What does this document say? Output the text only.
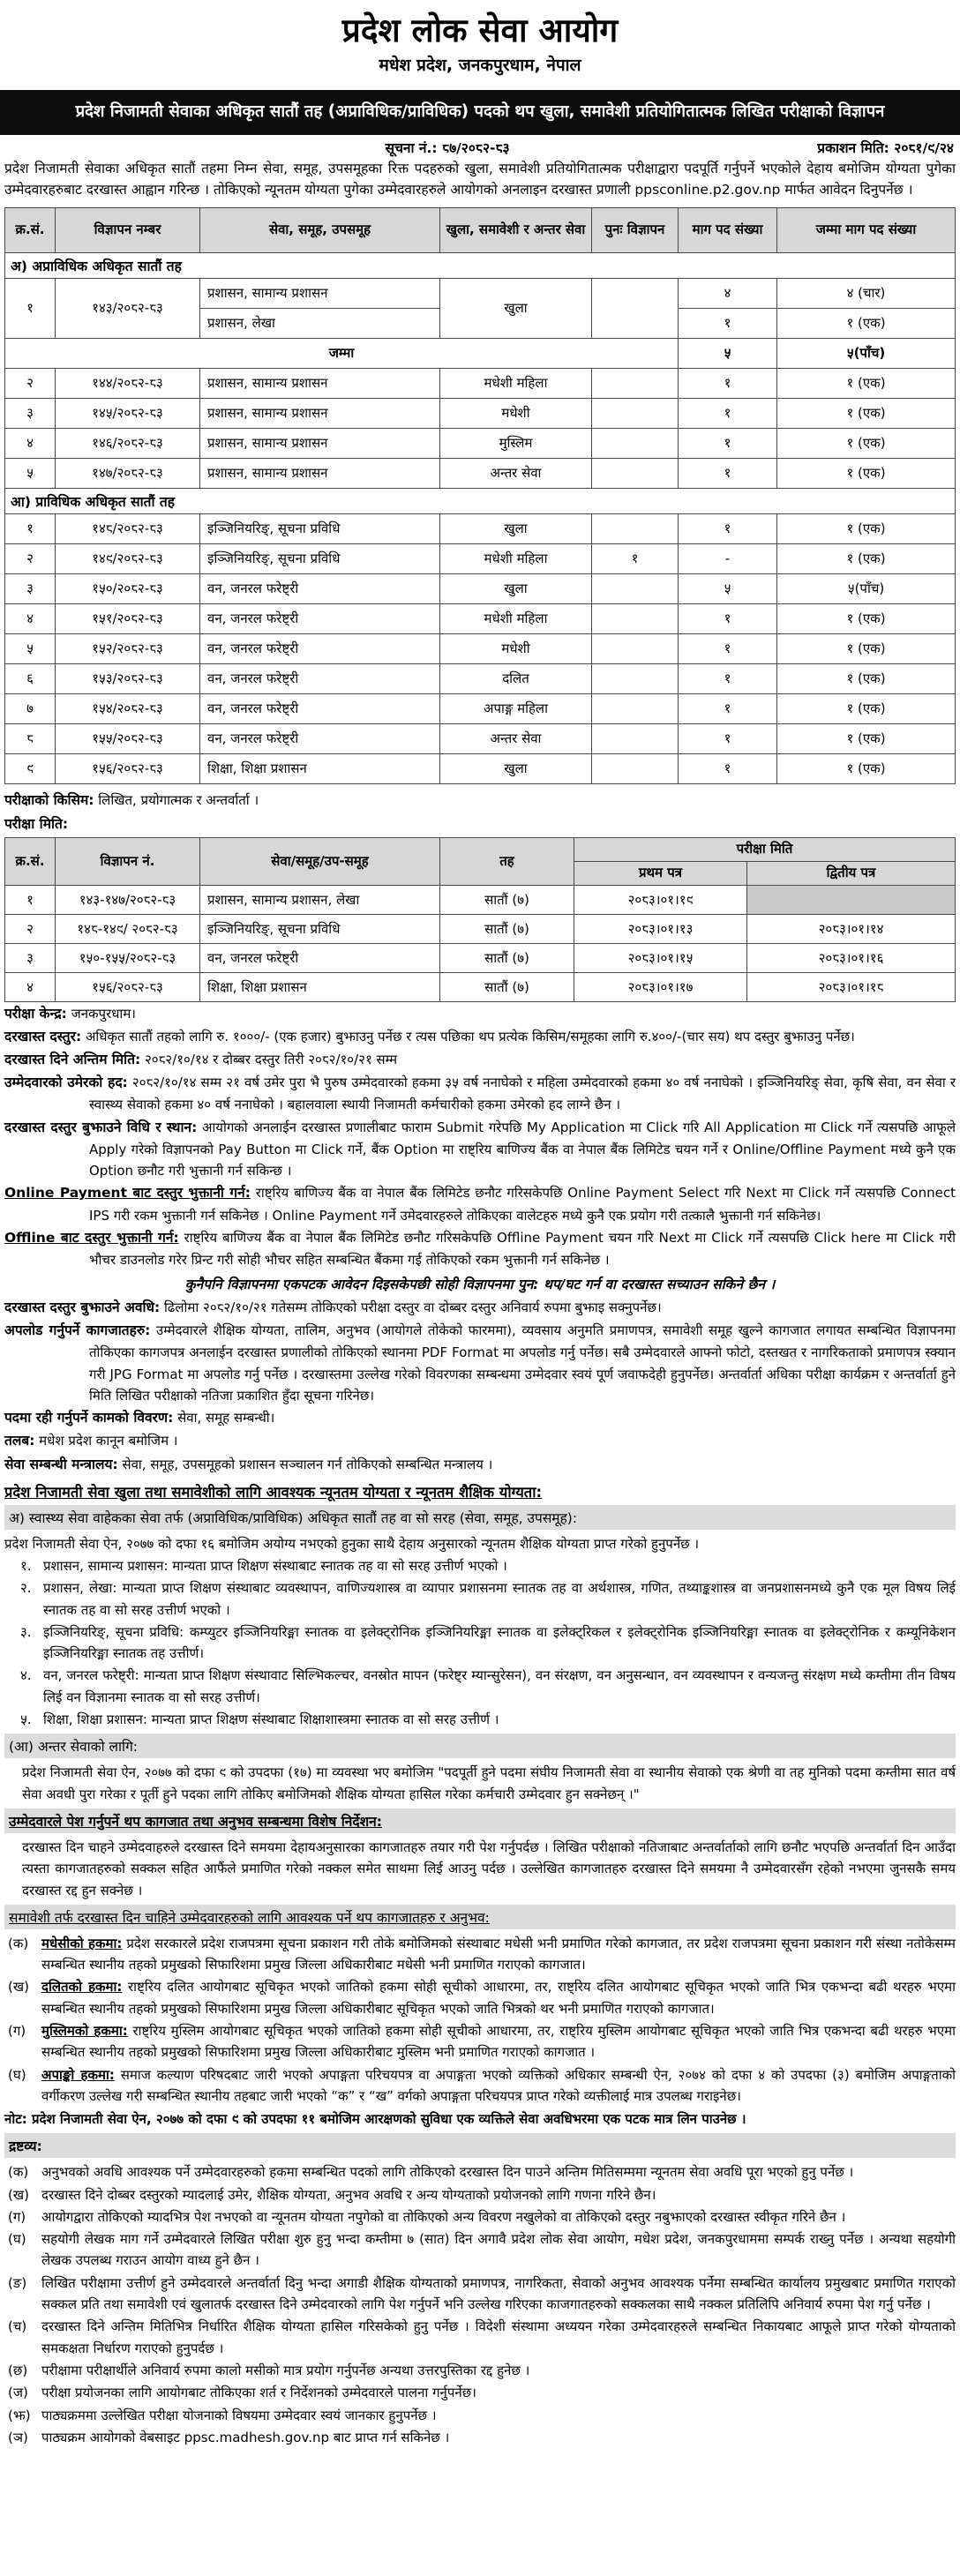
प्रदेश लोक सेवा आयोग
मधेश प्रदेश, जनकपुरधाम, नेपाल
प्रदेश निजामती सेवाका अधिकृत सातौं तह (अप्राविधिक/प्राविधिक) पदको थप खुला, समावेशी प्रतियोगितात्मक लिखित परीक्षाको विज्ञापन
सूचना नं.: ८७/२०८२-८३	प्रकाशन मिति: २०८१/९/२४
प्रदेश निजामती सेवाका अधिकृत सातौं तहमा निम्न सेवा, समूह, उपसमूहका रिक्त पदहरुको खुला, समावेशी प्रतियोगितात्मक परीक्षाद्वारा पदपूर्ति गर्नुपर्ने भएकोले देहाय बमोजिम योग्यता पुगेका उम्मेदवारहरुबाट दरखास्त आह्वान गरिन्छ । तोकिएको न्यूनतम योग्यता पुगेका उम्मेदवारहरुले आयोगको अनलाइन दरखास्त प्रणाली ppsconline.p2.gov.np मार्फत आवेदन दिनुपर्नेछ ।
क्र.सं.	विज्ञापन नम्बर	सेवा, समूह, उपसमूह	खुला, समावेशी र अन्तर सेवा	पुनः विज्ञापन	माग पद संख्या	जम्मा माग पद संख्या
अ) अप्राविधिक अधिकृत सातौं तह						
१	१४३/२०८२-८३	प्रशासन, सामान्य प्रशासन	खुला		४	४ (चार)
		प्रशासन, लेखा			१	१ (एक)
जम्मा					५	५(पाँच)
२	१४४/२०८२-८३	प्रशासन, सामान्य प्रशासन	मधेशी महिला		१	१ (एक)
३	१४५/२०८२-८३	प्रशासन, सामान्य प्रशासन	मधेशी		१	१ (एक)
४	१४६/२०८२-८३	प्रशासन, सामान्य प्रशासन	मुस्लिम		१	१ (एक)
५	१४७/२०८२-८३	प्रशासन, सामान्य प्रशासन	अन्तर सेवा		१	१ (एक)
आ) प्राविधिक अधिकृत सातौं तह						
१	१४८/२०८२-८३	इञ्जिनियरिङ्, सूचना प्रविधि	खुला		१	१ (एक)
२	१४९/२०८२-८३	इञ्जिनियरिङ्, सूचना प्रविधि	मधेशी महिला	१	-	१ (एक)
३	१५०/२०८२-८३	वन, जनरल फरेष्ट्री	खुला		५	५(पाँच)
४	१५१/२०८२-८३	वन, जनरल फरेष्ट्री	मधेशी महिला		१	१ (एक)
५	१५२/२०८२-८३	वन, जनरल फरेष्ट्री	मधेशी		१	१ (एक)
६	१५३/२०८२-८३	वन, जनरल फरेष्ट्री	दलित		१	१ (एक)
७	१५४/२०८२-८३	वन, जनरल फरेष्ट्री	अपाङ्ग महिला		१	१ (एक)
८	१५५/२०८२-८३	वन, जनरल फरेष्ट्री	अन्तर सेवा		१	१ (एक)
९	१५६/२०८२-८३	शिक्षा, शिक्षा प्रशासन	खुला		१	१ (एक)
परीक्षाको किसिम: लिखित, प्रयोगात्मक र अन्तर्वार्ता ।
परीक्षा मिति:
क्र.सं.	विज्ञापन नं.	सेवा/समूह/उप-समूह	तह	परीक्षा मिति	
				प्रथम पत्र	द्वितीय पत्र
१	१४३-१४७/२०८२-८३	प्रशासन, सामान्य प्रशासन, लेखा	सातौं (७)	२०८३।०१।१९	
२	१४८-१४९/ २०८२-८३	इञ्जिनियरिङ्, सूचना प्रविधि	सातौं (७)	२०८३।०१।१३	२०८३।०१।१४
३	१५०-१५५/२०८२-८३	वन, जनरल फरेष्ट्री	सातौं (७)	२०८३।०१।१५	२०८३।०१।१६
४	१५६/२०८२-८३	शिक्षा, शिक्षा प्रशासन	सातौं (७)	२०८३।०१।१७	२०८३।०१।१८
परीक्षा केन्द्र: जनकपुरधाम।
दरखास्त दस्तुर: अधिकृत सातौं तहको लागि रु. १०००/- (एक हजार) बुझाउनु पर्नेछ र त्यस पछिका थप प्रत्येक किसिम/समूहका लागि रु.४००/-(चार सय) थप दस्तुर बुझाउनु पर्नेछ।
दरखास्त दिने अन्तिम मिति: २०८२/१०/१४ र दोब्बर दस्तुर तिरी २०८२/१०/२१ सम्म
उम्मेदवारको उमेरको हद: २०८२/१०/१४ सम्म २१ वर्ष उमेर पुरा भै पुरुष उम्मेदवारको हकमा ३५ वर्ष ननाघेको र महिला उम्मेदवारको हकमा ४० वर्ष ननाघेको । इञ्जिनियरिङ् सेवा, कृषि सेवा, वन सेवा र स्वास्थ्य सेवाको हकमा ४० वर्ष ननाघेको । बहालवाला स्थायी निजामती कर्मचारीको हकमा उमेरको हद लाग्ने छैन ।
दरखास्त दस्तुर बुझाउने विधि र स्थान: आयोगको अनलाईन दरखास्त प्रणालीबाट फाराम Submit गरेपछि My Application मा Click गरि All Application मा Click गर्ने त्यसपछि आफूले Apply गरेको विज्ञापनको Pay Button मा Click गर्ने, बैंक Option मा राष्ट्रिय बाणिज्य बैंक वा नेपाल बैंक लिमिटेड चयन गर्ने र Online/Offline Payment मध्ये कुनै एक Option छनौट गरी भुक्तानी गर्न सकिन्छ ।
Online Payment बाट दस्तुर भुक्तानी गर्न: राष्ट्रिय बाणिज्य बैंक वा नेपाल बैंक लिमिटेड छनौट गरिसकेपछि Online Payment Select गरि Next मा Click गर्ने त्यसपछि Connect IPS गरी रकम भुक्तानी गर्न सकिनेछ । Online Payment गर्ने उमेदवारहरुले तोकिएका वालेटहरु मध्ये कुनै एक प्रयोग गरी तत्कालै भुक्तानी गर्न सकिनेछ।
Offline बाट दस्तुर भुक्तानी गर्न: राष्ट्रिय बाणिज्य बैंक वा नेपाल बैंक लिमिटेड छनौट गरिसकेपछि Offline Payment चयन गरि Next मा Click गर्ने त्यसपछि Click here मा Click गरी भौचर डाउनलोड गरेर प्रिन्ट गरी सोही भौचर सहित सम्बन्धित बैंकमा गई तोकिएको रकम भुक्तानी गर्न सकिनेछ ।
कुनैपनि विज्ञापनमा एकपटक आवेदन दिइसकेपछी सोही विज्ञापनमा पुन: थप/घट गर्न वा दरखास्त सच्याउन सकिने छैन ।
दरखास्त दस्तुर बुझाउने अवधि: ढिलोमा २०८२/१०/२१ गतेसम्म तोकिएको परीक्षा दस्तुर वा दोब्बर दस्तुर अनिवार्य रुपमा बुझाइ सक्नुपर्नेछ।
अपलोड गर्नुपर्ने कागजातहरु: उम्मेदवारले शैक्षिक योग्यता, तालिम, अनुभव (आयोगले तोकेको फारममा), व्यवसाय अनुमति प्रमाणपत्र, समावेशी समूह खुल्ने कागजात लगायत सम्बन्धित विज्ञापनमा तोकिएका कागजपत्र अनलाईन दरखास्त प्रणालीको तोकिएको स्थानमा PDF Format मा अपलोड गर्नु पर्नेछ। सबै उम्मेदवारले आफ्नो फोटो, दस्तखत र नागरिकताको प्रमाणपत्र स्क्यान गरी JPG Format मा अपलोड गर्नु पर्नेछ । दरखास्तमा उल्लेख गरेको विवरणका सम्बन्धमा उम्मेदवार स्वयं पूर्ण जवाफदेही हुनुपर्नेछ। अन्तर्वार्ता अधिका परीक्षा कार्यक्रम र अन्तर्वार्ता हुने मिति लिखित परीक्षाको नतिजा प्रकाशित हुँदा सूचना गरिनेछ।
पदमा रही गर्नुपर्ने कामको विवरण: सेवा, समूह सम्बन्धी।
तलब: मधेश प्रदेश कानून बमोजिम ।
सेवा सम्बन्धी मन्त्रालय: सेवा, समूह, उपसमूहको प्रशासन सञ्चालन गर्न तोकिएको सम्बन्धित मन्त्रालय ।
प्रदेश निजामती सेवा खुला तथा समावेशीको लागि आवश्यक न्यूनतम योग्यता र न्यूनतम शैक्षिक योग्यता:
अ) स्वास्थ्य सेवा वाहेकका सेवा तर्फ (अप्राविधिक/प्राविधिक) अधिकृत सातौं तह वा सो सरह (सेवा, समूह, उपसमूह):
प्रदेश निजामती सेवा ऐन, २०७७ को दफा १६ बमोजिम अयोग्य नभएको हुनुका साथै देहाय अनुसारको न्यूनतम शैक्षिक योग्यता प्राप्त गरेको हुनुपर्नेछ ।
१. प्रशासन, सामान्य प्रशासन: मान्यता प्राप्त शिक्षण संस्थाबाट स्नातक तह वा सो सरह उत्तीर्ण भएको ।
२. प्रशासन, लेखा: मान्यता प्राप्त शिक्षण संस्थाबाट व्यवस्थापन, वाणिज्यशास्त्र वा व्यापार प्रशासनमा स्नातक तह वा अर्थशास्त्र, गणित, तथ्याङ्कशास्त्र वा जनप्रशासनमध्ये कुनै एक मूल विषय लिई स्नातक तह वा सो सरह उत्तीर्ण भएको ।
३. इञ्जिनियरिङ्, सूचना प्रविधि: कम्प्युटर इञ्जिनियरिङ्मा स्नातक वा इलेक्ट्रोनिक इञ्जिनियरिङ्मा स्नातक वा इलेक्ट्रिकल र इलेक्ट्रोनिक इञ्जिनियरिङ्मा स्नातक वा इलेक्ट्रोनिक र कम्यूनिकेशन इञ्जिनियरिङ्मा स्नातक तह उत्तीर्ण।
४. वन, जनरल फरेष्ट्री: मान्यता प्राप्त शिक्षण संस्थावाट सिल्भिकल्चर, वनस्रोत मापन (फरेष्ट्र म्यान्सुरेसन), वन संरक्षण, वन अनुसन्धान, वन व्यवस्थापन र वन्यजन्तु संरक्षण मध्ये कम्तीमा तीन विषय लिई वन विज्ञानमा स्नातक वा सो सरह उत्तीर्ण।
५. शिक्षा, शिक्षा प्रशासन: मान्यता प्राप्त शिक्षण संस्थाबाट शिक्षाशास्त्रमा स्नातक वा सो सरह उत्तीर्ण ।
(आ) अन्तर सेवाको लागि:
प्रदेश निजामती सेवा ऐन, २०७७ को दफा ९ को उपदफा (१७) मा व्यवस्था भए बमोजिम "पदपूर्ती हुने पदमा संघीय निजामती सेवा वा स्थानीय सेवाको एक श्रेणी वा तह मुनिको पदमा कम्तीमा सात वर्ष सेवा अवधी पुरा गरेका र पूर्ती हुने पदका लागि तोकिए बमोजिमको शैक्षिक योग्यता हासिल गरेका कर्मचारी उम्मेदवार हुन सक्नेछन् ।"
उम्मेदवारले पेश गर्नुपर्ने थप कागजात तथा अनुभव सम्बन्धमा विशेष निर्देशन:
दरखास्त दिन चाहने उम्मेदवाहरुले दरखास्त दिने समयमा देहायअनुसारका कागजातहरु तयार गरी पेश गर्नुपर्दछ । लिखित परीक्षाको नतिजाबाट अन्तर्वार्ताको लागि छनौट भएपछि अन्तर्वार्ता दिन आउँदा त्यस्ता कागजातहरुको सक्कल सहित आफैंले प्रमाणित गरेको नक्कल समेत साथमा लिई आउनु पर्दछ । उल्लेखित कागजातहरु दरखास्त दिने समयमा नै उम्मेदवारसँग रहेको नभएमा जुनसकै समय दरखास्त रद्द हुन सक्नेछ ।
समावेशी तर्फ दरखास्त दिन चाहिने उम्मेदवारहरुको लागि आवश्यक पर्ने थप कागजातहरु र अनुभव:
(क) मधेसीको हकमा: प्रदेश सरकारले प्रदेश राजपत्रमा सूचना प्रकाशन गरी तोके बमोजिमको संस्थाबाट मधेसी भनी प्रमाणित गरेको कागजात, तर प्रदेश राजपत्रमा सूचना प्रकाशन गरी संस्था नतोकेसम्म सम्बन्धित स्थानीय तहको प्रमुखको सिफारिशमा प्रमुख जिल्ला अधिकारीबाट मधेसी भनी प्रमाणित गराएको कागजात।
(ख) दलितको हकमा: राष्ट्रिय दलित आयोगबाट सूचिकृत भएको जातिको हकमा सोही सूचीको आधारमा, तर, राष्ट्रिय दलित आयोगबाट सूचिकृत भएको जाति भित्र एकभन्दा बढी थरहरु भएमा सम्बन्धित स्थानीय तहको प्रमुखको सिफारिशमा प्रमुख जिल्ला अधिकारीबाट सूचिकृत भएको जाति भित्रको थर भनी प्रमाणित गराएको कागजात।
(ग)	मुस्लिमको हकमा: राष्ट्रिय मुस्लिम आयोगबाट सूचिकृत भएको जातिको हकमा सोही सूचीको आधारमा, तर, राष्ट्रिय मुस्लिम आयोगबाट सूचिकृत भएको जाति भित्र एकभन्दा बढी थरहरु भएमा सम्बन्धित स्थानीय तहको प्रमुखको सिफारिशमा प्रमुख जिल्ला अधिकारीबाट मुस्लिम भनी प्रमाणित गराएको कागजात ।
(घ)	अपाङ्को हकमा: समाज कल्याण परिषदबाट जारी भएको अपाङ्गता परिचयपत्र वा अपाङ्गता भएको व्यक्तिको अधिकार सम्बन्धी ऐन, २०७४ को दफा ४ को उपदफा (३) बमोजिम अपाङ्गताको वर्गीकरण उल्लेख गरी सम्बन्धित स्थानीय तहबाट जारी भएको “क” र “ख” वर्गको अपाङ्गता परिचयपत्र प्राप्त गरेको व्यक्तीलाई मात्र उपलब्ध गराइनेछ।
नोट: प्रदेश निजामती सेवा ऐन, २०७७ को दफा ९ को उपदफा ११ बमोजिम आरक्षणको सुविधा एक व्यक्तिले सेवा अवधिभरमा एक पटक मात्र लिन पाउनेछ ।
द्रष्टव्य:
(क) अनुभवको अवधि आवश्यक पर्ने उम्मेदवारहरुको हकमा सम्बन्धित पदको लागि तोकिएको दरखास्त दिन पाउने अन्तिम मितिसम्ममा न्यूनतम सेवा अवधि पूरा भएको हुनु पर्नेछ ।
(ख) दरखास्त दिने दोब्बर दस्तुरको म्यादलाई उमेर, शैक्षिक योग्यता, अनुभव अवधि र अन्य योग्यताको प्रयोजनको लागि गणना गरिने छैन।
(ग)	आयोगद्वारा तोकिएको म्यादभित्र पेश नभएको वा न्यूनतम योग्यता नपुगेको वा तोकिएको अन्य विवरण नखुलेको वा तोकिएको दस्तुर नबुझाएको दरखास्त स्वीकृत गरिने छैन ।
(घ)	सहयोगी लेखक माग गर्ने उम्मेदवारले लिखित परीक्षा शुरु हुनु भन्दा कम्तीमा ७ (सात) दिन अगावै प्रदेश लोक सेवा आयोग, मधेश प्रदेश, जनकपुरधाममा सम्पर्क राख्नु पर्नेछ । अन्यथा सहयोगी लेखक उपलब्ध गराउन आयोग वाध्य हुने छैन ।
(ङ)	लिखित परीक्षामा उत्तीर्ण हुने उम्मेदवारले अन्तर्वार्ता दिनु भन्दा अगाडी शैक्षिक योग्यताको प्रमाणपत्र, नागरिकता, सेवाको अनुभव आवश्यक पर्नेमा सम्बन्धित कार्यालय प्रमुखबाट प्रमाणित गराएको सक्कल प्रति तथा समावेशी एवं खुलातर्फ दरखास्त दिने उम्मेदवारको लागि पेश गर्नुपर्ने भनि उल्लेख गरिएका काजगातहरुको सक्कलका साथै नक्कल प्रतिलिपि अनिवार्य रुपमा पेश गर्नु पर्नेछ ।
(च)	दरखास्त दिने अन्तिम मितिभित्र निर्धारित शैक्षिक योग्यता हासिल गरिसकेको हुनु पर्नेछ । विदेशी संस्थामा अध्ययन गरेका उम्मेदवारहरुले सम्बन्धित निकायबाट आफूले प्राप्त गरेको योग्यताको समकक्षता निर्धारण गराएको हुनुपर्दछ ।
(छ)	परीक्षामा परीक्षार्थीले अनिवार्य रुपमा कालो मसीको मात्र प्रयोग गर्नुपर्नेछ अन्यथा उत्तरपुस्तिका रद्द हुनेछ ।
(ज)	परीक्षा प्रयोजनका लागि आयोगबाट तोकिएका शर्त र निर्देशनको उम्मेदवारले पालना गर्नुपर्नेछ।
(झ) पाठ्यक्रममा उल्लेखित परीक्षा योजनाको विषयमा उम्मेदवार स्वयं जानकार हुनुपर्नेछ ।
(ञ)	पाठ्यक्रम आयोगको वेबसाइट ppsc.madhesh.gov.np बाट प्राप्त गर्न सकिनेछ ।
